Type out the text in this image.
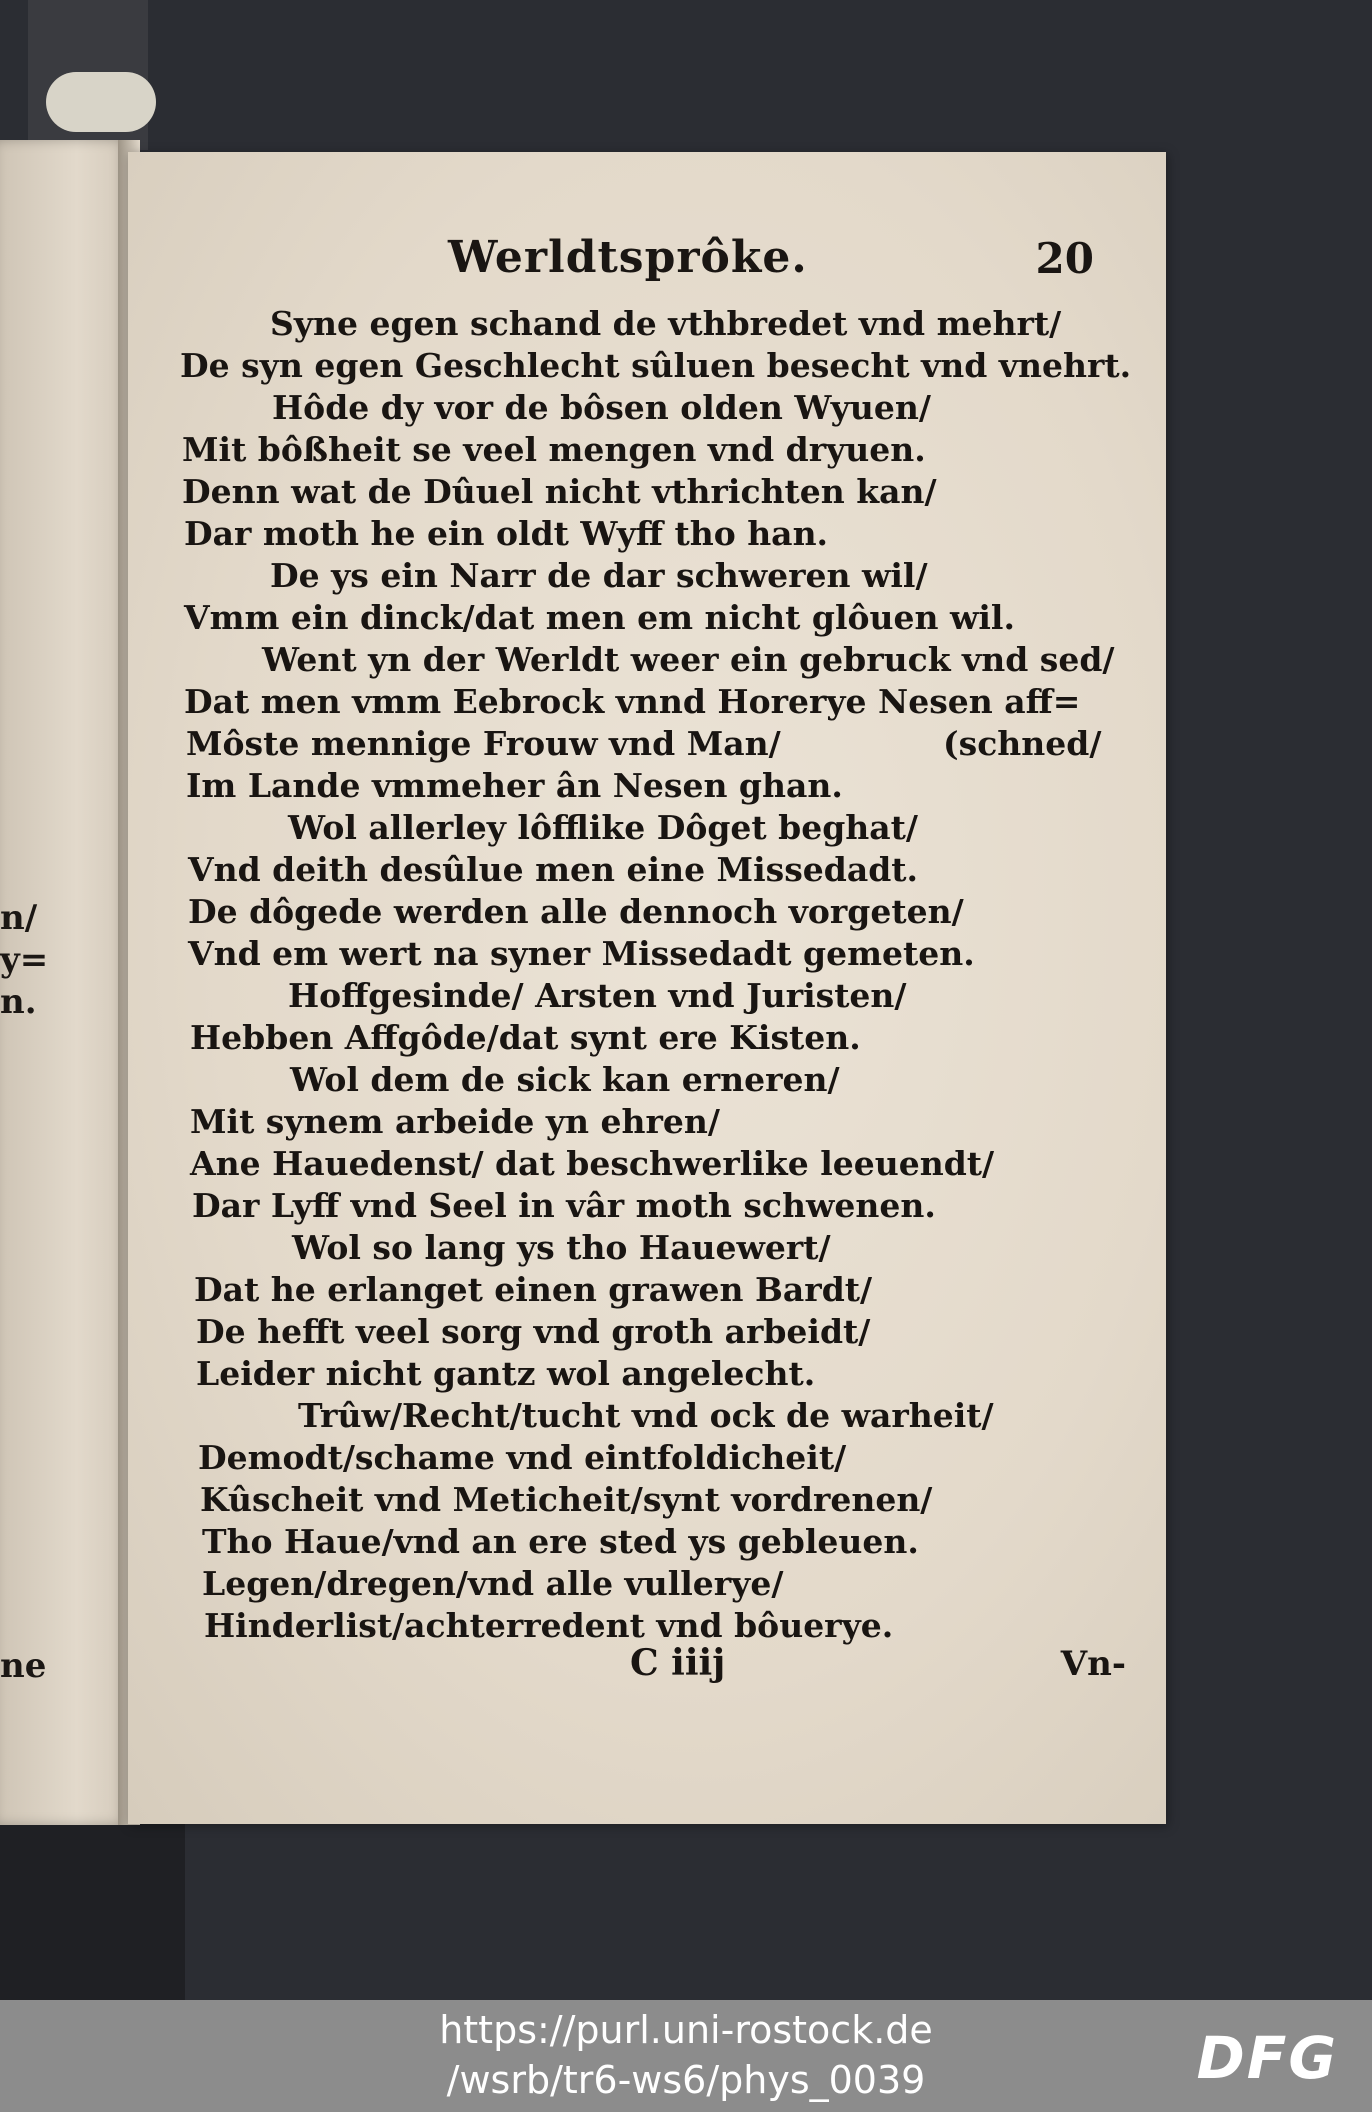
n/
y=
n.
ne
Werldtsprôke.	20
Syne egen schand de vthbredet vnd mehrt/
De syn egen Geschlecht sûluen besecht vnd vnehrt.
Hôde dy vor de bôsen olden Wyuen/
Mit bôßheit se veel mengen vnd dryuen.
Denn wat de Dûuel nicht vthrichten kan/
Dar moth he ein oldt Wyff tho han.
De ys ein Narr de dar schweren wil/
Vmm ein dinck/dat men em nicht glôuen wil.
Went yn der Werldt weer ein gebruck vnd sed/
Dat men vmm Eebrock vnnd Horerye Nesen aff=
Môste mennige Frouw vnd Man/	(schned/
Im Lande vmmeher ân Nesen ghan.
Wol allerley lôfflike Dôget beghat/
Vnd deith desûlue men eine Missedadt.
De dôgede werden alle dennoch vorgeten/
Vnd em wert na syner Missedadt gemeten.
Hoffgesinde/ Arsten vnd Juristen/
Hebben Affgôde/dat synt ere Kisten.
Wol dem de sick kan erneren/
Mit synem arbeide yn ehren/
Ane Hauedenst/ dat beschwerlike leeuendt/
Dar Lyff vnd Seel in vâr moth schwenen.
Wol so lang ys tho Hauewert/
Dat he erlanget einen grawen Bardt/
De hefft veel sorg vnd groth arbeidt/
Leider nicht gantz wol angelecht.
Trûw/Recht/tucht vnd ock de warheit/
Demodt/schame vnd eintfoldicheit/
Kûscheit vnd Meticheit/synt vordrenen/
Tho Haue/vnd an ere sted ys gebleuen.
Legen/dregen/vnd alle vullerye/
Hinderlist/achterredent vnd bôuerye.
C iiij	Vn-
https://purl.uni-rostock.de
/wsrb/tr6-ws6/phys_0039	DFG
